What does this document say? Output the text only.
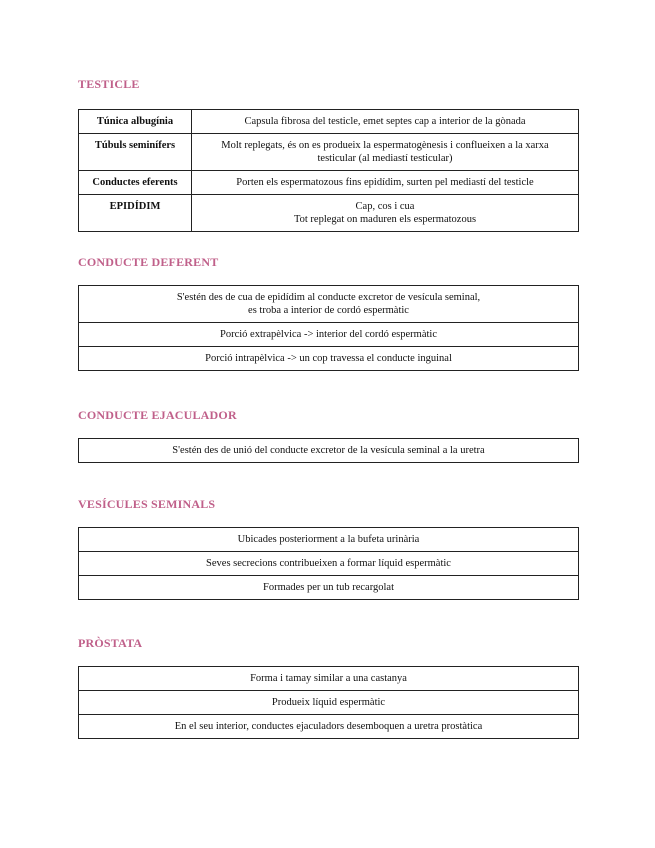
TESTICLE
Túnica albugínia	Capsula fibrosa del testicle, emet septes cap a interior de la gònada

Túbuls seminífers	Molt replegats, és on es produeix la espermatogènesis i conflueixen a la xarxa
testicular (al mediastí testicular)

Conductes eferents	Porten els espermatozous fins epidídim, surten pel mediastí del testicle

EPIDÍDIM	Cap, cos i cua
Tot replegat on maduren els espermatozous
CONDUCTE DEFERENT
S'estén des de cua de epidídim al conducte excretor de vesícula seminal,
es troba a interior de cordó espermàtic

Porció extrapèlvica -> interior del cordó espermàtic

Porció intrapèlvica -> un cop travessa el conducte inguinal
CONDUCTE EJACULADOR
S'estén des de unió del conducte excretor de la vesícula seminal a la uretra
VESÍCULES SEMINALS
Ubicades posteriorment a la bufeta urinària

Seves secrecions contribueixen a formar líquid espermàtic

Formades per un tub recargolat
PRÒSTATA
Forma i tamay similar a una castanya

Produeix líquid espermàtic

En el seu interior, conductes ejaculadors desemboquen a uretra prostàtica
